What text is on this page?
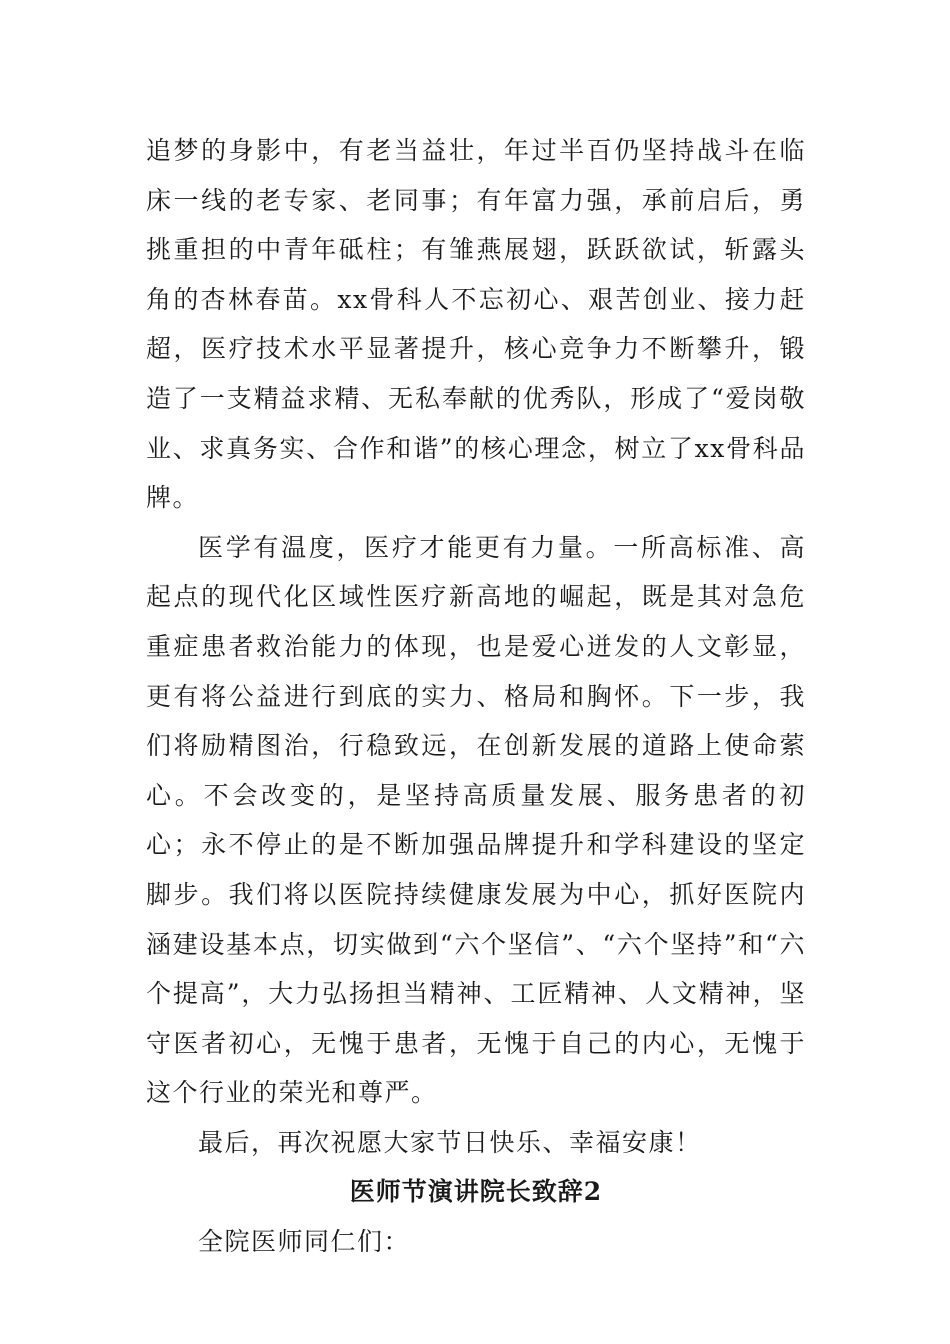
追梦的身影中，有老当益壮，年过半百仍坚持战斗在临床一线的老专家、老同事；有年富力强，承前启后，勇挑重担的中青年砥柱；有雏燕展翅，跃跃欲试，斩露头角的杏林春苗。xx骨科人不忘初心、艰苦创业、接力赶超，医疗技术水平显著提升，核心竞争力不断攀升，锻造了一支精益求精、无私奉献的优秀队，形成了“爱岗敬业、求真务实、合作和谐”的核心理念，树立了xx骨科品牌。

医学有温度，医疗才能更有力量。一所高标准、高起点的现代化区域性医疗新高地的崛起，既是其对急危重症患者救治能力的体现，也是爱心迸发的人文彰显，更有将公益进行到底的实力、格局和胸怀。下一步，我们将励精图治，行稳致远，在创新发展的道路上使命萦心。不会改变的，是坚持高质量发展、服务患者的初心；永不停止的是不断加强品牌提升和学科建设的坚定脚步。我们将以医院持续健康发展为中心，抓好医院内涵建设基本点，切实做到“六个坚信”、“六个坚持”和“六个提高”，大力弘扬担当精神、工匠精神、人文精神，坚守医者初心，无愧于患者，无愧于自己的内心，无愧于这个行业的荣光和尊严。

最后，再次祝愿大家节日快乐、幸福安康！

医师节演讲院长致辞2

全院医师同仁们：
